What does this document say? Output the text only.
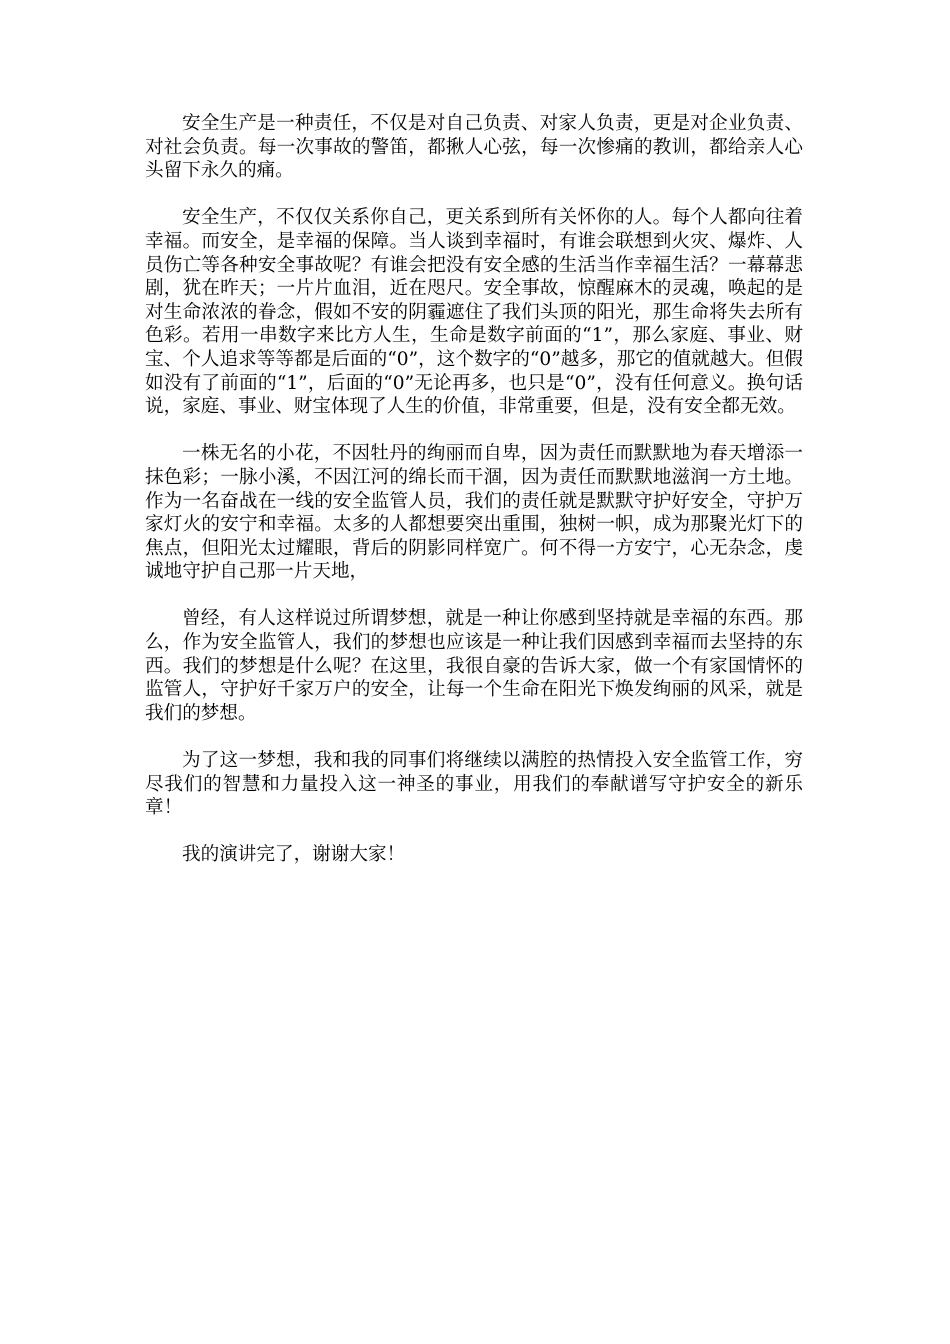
安全生产是一种责任，不仅是对自己负责、对家人负责，更是对企业负责、对社会负责。每一次事故的警笛，都揪人心弦，每一次惨痛的教训，都给亲人心头留下永久的痛。

安全生产，不仅仅关系你自己，更关系到所有关怀你的人。每个人都向往着幸福。而安全，是幸福的保障。当人谈到幸福时，有谁会联想到火灾、爆炸、人员伤亡等各种安全事故呢？有谁会把没有安全感的生活当作幸福生活？一幕幕悲剧，犹在昨天；一片片血泪，近在咫尺。安全事故，惊醒麻木的灵魂，唤起的是对生命浓浓的眷念，假如不安的阴霾遮住了我们头顶的阳光，那生命将失去所有色彩。若用一串数字来比方人生，生命是数字前面的“1”，那么家庭、事业、财宝、个人追求等等都是后面的“0”，这个数字的“0”越多，那它的值就越大。但假如没有了前面的“1”，后面的“0”无论再多，也只是“0”，没有任何意义。换句话说，家庭、事业、财宝体现了人生的价值，非常重要，但是，没有安全都无效。

一株无名的小花，不因牡丹的绚丽而自卑，因为责任而默默地为春天增添一抹色彩；一脉小溪，不因江河的绵长而干涸，因为责任而默默地滋润一方土地。作为一名奋战在一线的安全监管人员，我们的责任就是默默守护好安全，守护万家灯火的安宁和幸福。太多的人都想要突出重围，独树一帜，成为那聚光灯下的焦点，但阳光太过耀眼，背后的阴影同样宽广。何不得一方安宁，心无杂念，虔诚地守护自己那一片天地，

曾经，有人这样说过所谓梦想，就是一种让你感到坚持就是幸福的东西。那么，作为安全监管人，我们的梦想也应该是一种让我们因感到幸福而去坚持的东西。我们的梦想是什么呢？在这里，我很自豪的告诉大家，做一个有家国情怀的监管人，守护好千家万户的安全，让每一个生命在阳光下焕发绚丽的风采，就是我们的梦想。

为了这一梦想，我和我的同事们将继续以满腔的热情投入安全监管工作，穷尽我们的智慧和力量投入这一神圣的事业，用我们的奉献谱写守护安全的新乐章！

我的演讲完了，谢谢大家！
